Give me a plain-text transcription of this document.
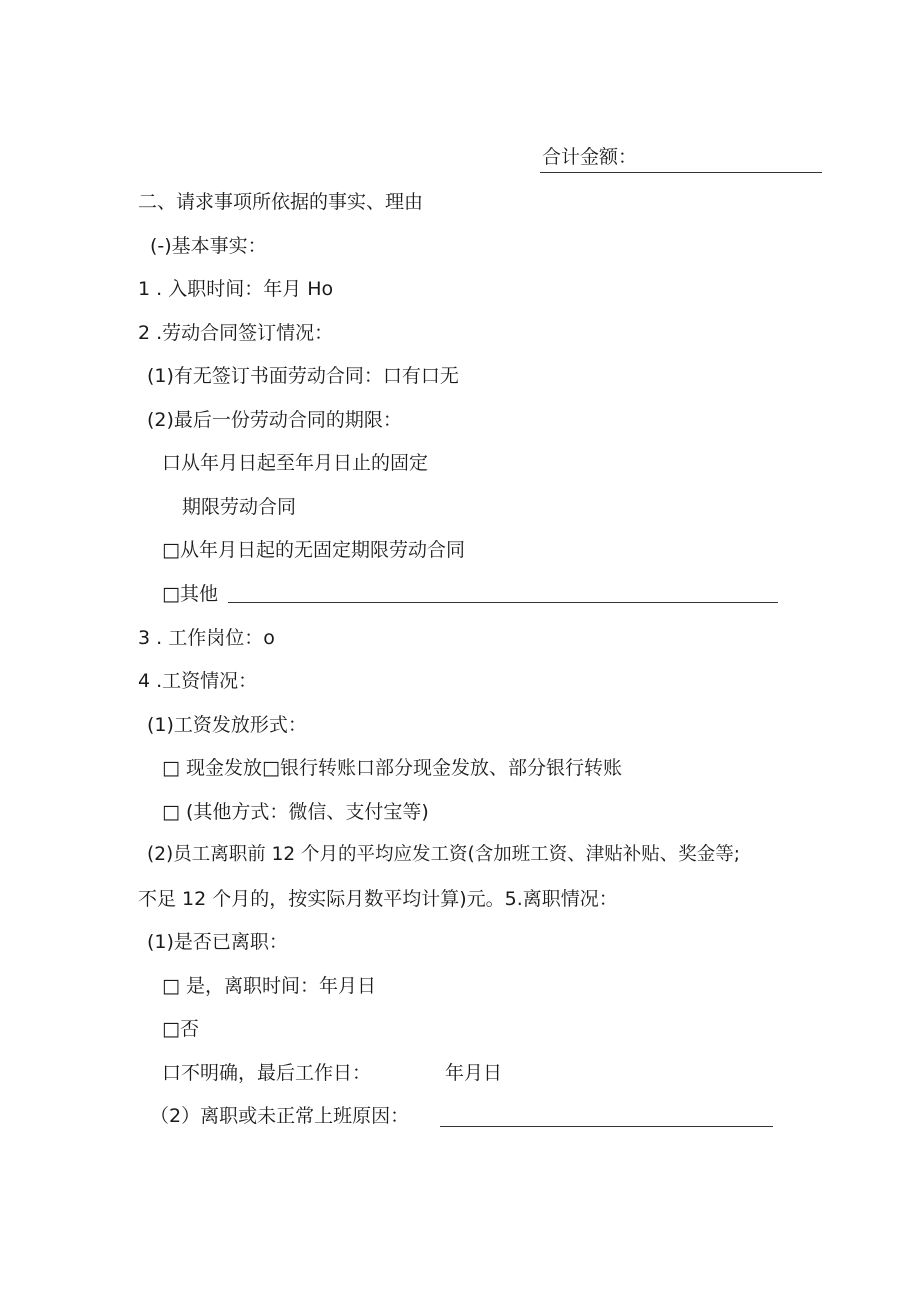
合计金额：
二、请求事项所依据的事实、理由
(-)基本事实：
1 . 入职时间：年月 Ho
2 .劳动合同签订情况：
(1)有无签订书面劳动合同：口有口无
(2)最后一份劳动合同的期限：
口从年月日起至年月日止的固定
期限劳动合同
□从年月日起的无固定期限劳动合同
□其他
3 . 工作岗位：o
4 .工资情况：
(1)工资发放形式：
□ 现金发放□银行转账口部分现金发放、部分银行转账
□ (其他方式：微信、支付宝等)
(2)员工离职前 12 个月的平均应发工资(含加班工资、津贴补贴、奖金等;
不足 12 个月的，按实际月数平均计算)元。5.离职情况：
(1)是否已离职：
□ 是，离职时间：年月日
□否
口不明确，最后工作日：	年月日
（2）离职或未正常上班原因：
